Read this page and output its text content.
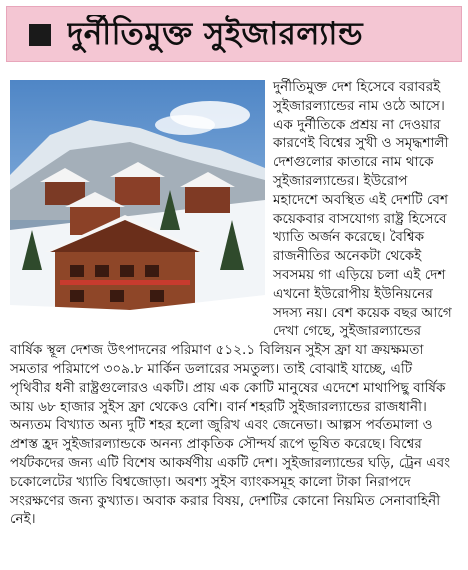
দুর্নীতিমুক্ত সুইজারল্যান্ড

দুর্নীতিমুক্ত দেশ হিসেবে বরাবরই সুইজারল্যান্ডের নাম ওঠে আসে। এক দুর্নীতিকে প্রশ্রয় না দেওয়ার কারণেই বিশ্বের সুখী ও সমৃদ্ধশালী দেশগুলোর কাতারে নাম থাকে সুইজারল্যান্ডের। ইউরোপ মহাদেশে অবস্থিত এই দেশটি বেশ কয়েকবার বাসযোগ্য রাষ্ট্র হিসেবে খ্যাতি অর্জন করেছে। বৈশ্বিক রাজনীতির অনেকটা থেকেই সবসময় গা এড়িয়ে চলা এই দেশ এখনো ইউরোপীয় ইউনিয়নের সদস্য নয়। বেশ কয়েক বছর আগে দেখা গেছে, সুইজারল্যান্ডের বার্ষিক স্থূল দেশজ উৎপাদনের পরিমাণ ৫১২.১ বিলিয়ন সুইস ফ্রা যা ক্রয়ক্ষমতা সমতার পরিমাপে ৩০৯.৮ মার্কিন ডলারের সমতুল্য। তাই বোঝাই যাচ্ছে, এটি পৃথিবীর ধনী রাষ্ট্রগুলোরও একটি। প্রায় এক কোটি মানুষের এদেশে মাথাপিছু বার্ষিক আয় ৬৮ হাজার সুইস ফ্রা থেকেও বেশি। বার্ন শহরটি সুইজারল্যান্ডের রাজধানী। অন্যতম বিখ্যাত অন্য দুটি শহর হলো জুরিখ এবং জেনেভা। আল্পস পর্বতমালা ও প্রশস্ত হ্রদ সুইজারল্যান্ডকে অনন্য প্রাকৃতিক সৌন্দর্য রূপে ভূষিত করেছে। বিশ্বের পর্যটকদের জন্য এটি বিশেষ আকর্ষণীয় একটি দেশ। সুইজারল্যান্ডের ঘড়ি, ট্রেন এবং চকোলেটের খ্যাতি বিশ্বজোড়া। অবশ্য সুইস ব্যাংকসমূহ কালো টাকা নিরাপদে সংরক্ষণের জন্য কুখ্যাত। অবাক করার বিষয়, দেশটির কোনো নিয়মিত সেনাবাহিনী নেই।
